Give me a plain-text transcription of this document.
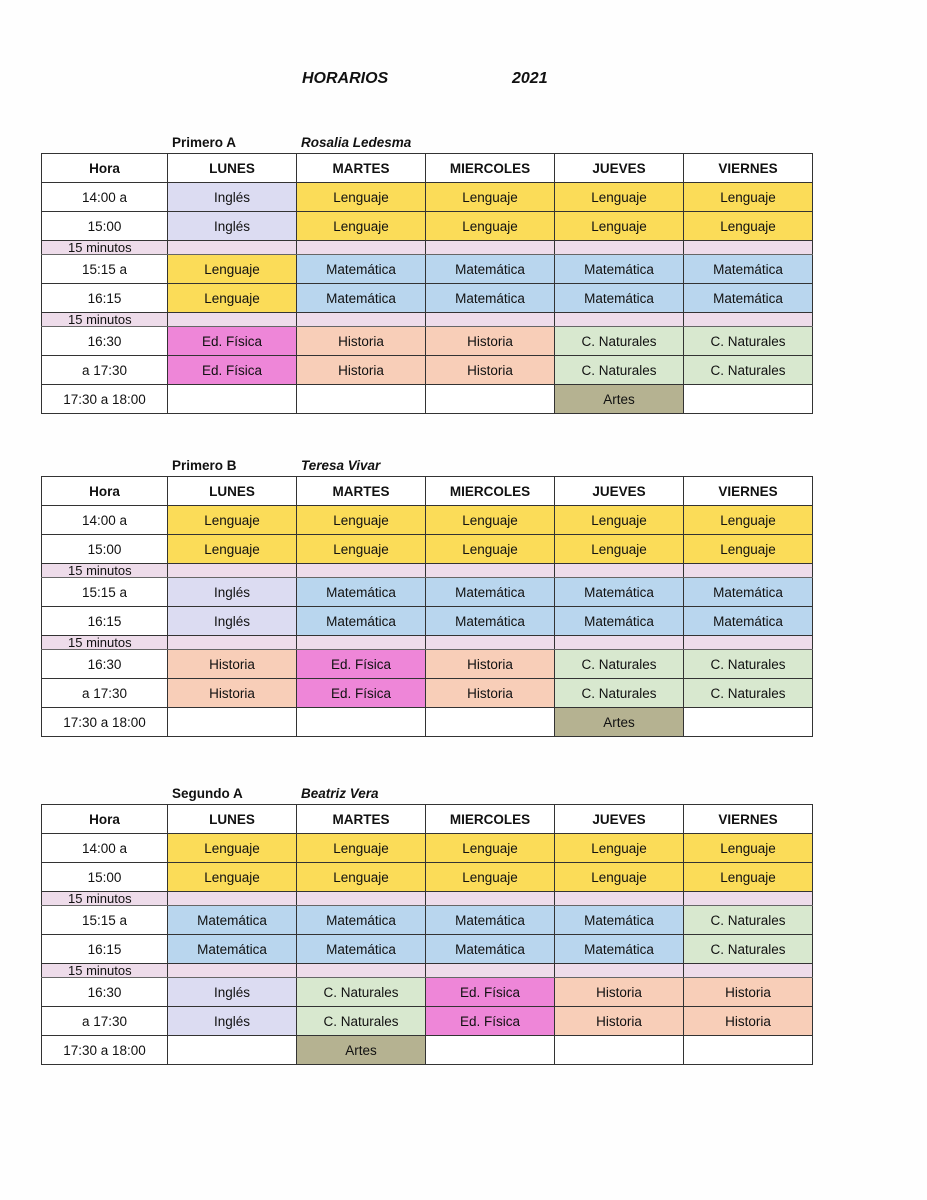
HORARIOS	2021
Primero A	Rosalia Ledesma
Hora	LUNES	MARTES	MIERCOLES	JUEVES	VIERNES
14:00 a	Inglés	Lenguaje	Lenguaje	Lenguaje	Lenguaje
15:00	Inglés	Lenguaje	Lenguaje	Lenguaje	Lenguaje
15 minutos					
15:15 a	Lenguaje	Matemática	Matemática	Matemática	Matemática
16:15	Lenguaje	Matemática	Matemática	Matemática	Matemática
15 minutos					
16:30	Ed. Física	Historia	Historia	C. Naturales	C. Naturales
a 17:30	Ed. Física	Historia	Historia	C. Naturales	C. Naturales
17:30 a 18:00				Artes	
Primero B	Teresa Vivar
Hora	LUNES	MARTES	MIERCOLES	JUEVES	VIERNES
14:00 a	Lenguaje	Lenguaje	Lenguaje	Lenguaje	Lenguaje
15:00	Lenguaje	Lenguaje	Lenguaje	Lenguaje	Lenguaje
15 minutos					
15:15 a	Inglés	Matemática	Matemática	Matemática	Matemática
16:15	Inglés	Matemática	Matemática	Matemática	Matemática
15 minutos					
16:30	Historia	Ed. Física	Historia	C. Naturales	C. Naturales
a 17:30	Historia	Ed. Física	Historia	C. Naturales	C. Naturales
17:30 a 18:00				Artes	
Segundo A	Beatriz Vera
Hora	LUNES	MARTES	MIERCOLES	JUEVES	VIERNES
14:00 a	Lenguaje	Lenguaje	Lenguaje	Lenguaje	Lenguaje
15:00	Lenguaje	Lenguaje	Lenguaje	Lenguaje	Lenguaje
15 minutos					
15:15 a	Matemática	Matemática	Matemática	Matemática	C. Naturales
16:15	Matemática	Matemática	Matemática	Matemática	C. Naturales
15 minutos					
16:30	Inglés	C. Naturales	Ed. Física	Historia	Historia
a 17:30	Inglés	C. Naturales	Ed. Física	Historia	Historia
17:30 a 18:00		Artes			
